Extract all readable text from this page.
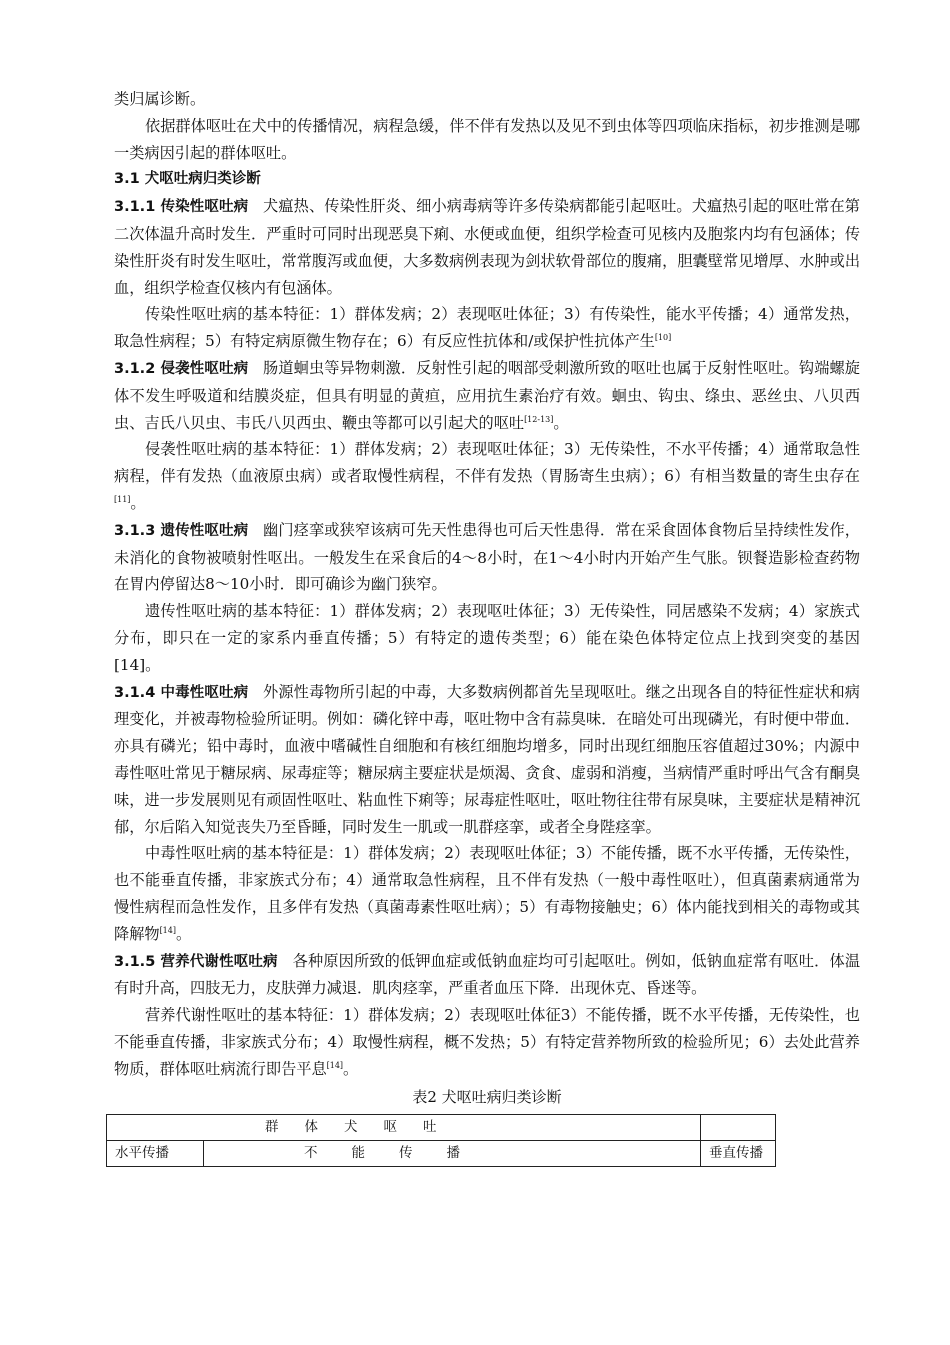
类归属诊断。

依据群体呕吐在犬中的传播情况，病程急缓，伴不伴有发热以及见不到虫体等四项临床指标，初步推测是哪一类病因引起的群体呕吐。

3.1 犬呕吐病归类诊断

3.1.1 传染性呕吐病 犬瘟热、传染性肝炎、细小病毒病等许多传染病都能引起呕吐。犬瘟热引起的呕吐常在第二次体温升高时发生．严重时可同时出现恶臭下痢、水便或血便，组织学检查可见核内及胞浆内均有包涵体；传染性肝炎有时发生呕吐，常常腹泻或血便，大多数病例表现为剑状软骨部位的腹痛，胆囊壁常见增厚、水肿或出血，组织学检查仅核内有包涵体。

传染性呕吐病的基本特征：1）群体发病；2）表现呕吐体征；3）有传染性，能水平传播；4）通常发热，取急性病程；5）有特定病原微生物存在；6）有反应性抗体和/或保护性抗体产生[10]

3.1.2 侵袭性呕吐病 肠道蛔虫等异物刺激．反射性引起的咽部受刺激所致的呕吐也属于反射性呕吐。钩端螺旋体不发生呼吸道和结膜炎症，但具有明显的黄疸，应用抗生素治疗有效。蛔虫、钩虫、绦虫、恶丝虫、八贝西虫、吉氏八贝虫、韦氏八贝西虫、鞭虫等都可以引起犬的呕吐[12-13]。

侵袭性呕吐病的基本特征：1）群体发病；2）表现呕吐体征；3）无传染性，不水平传播；4）通常取急性病程，伴有发热（血液原虫病）或者取慢性病程，不伴有发热（胃肠寄生虫病）；6）有相当数量的寄生虫存在[11]。

3.1.3 遗传性呕吐病 幽门痉挛或狭窄该病可先天性患得也可后天性患得．常在采食固体食物后呈持续性发作，未消化的食物被喷射性呕出。一般发生在采食后的4～8小时，在1～4小时内开始产生气胀。钡餐造影检查药物在胃内停留达8～10小时．即可确诊为幽门狭窄。

遗传性呕吐病的基本特征：1）群体发病；2）表现呕吐体征；3）无传染性，同居感染不发病；4）家族式分布，即只在一定的家系内垂直传播；5）有特定的遗传类型；6）能在染色体特定位点上找到突变的基因[14]。

3.1.4 中毒性呕吐病 外源性毒物所引起的中毒，大多数病例都首先呈现呕吐。继之出现各自的特征性症状和病理变化，并被毒物检验所证明。例如：磷化锌中毒，呕吐物中含有蒜臭味．在暗处可出现磷光，有时便中带血．亦具有磷光；铅中毒时，血液中嗜碱性自细胞和有核红细胞均增多，同时出现红细胞压容值超过30%；内源中毒性呕吐常见于糖尿病、尿毒症等；糖尿病主要症状是烦渴、贪食、虚弱和消瘦，当病情严重时呼出气含有酮臭味，进一步发展则见有顽固性呕吐、粘血性下痢等；尿毒症性呕吐，呕吐物往往带有尿臭味，主要症状是精神沉郁，尔后陷入知觉丧失乃至昏睡，同时发生一肌或一肌群痉挛，或者全身陛痉挛。

中毒性呕吐病的基本特征是：1）群体发病；2）表现呕吐体征；3）不能传播，既不水平传播，无传染性，也不能垂直传播，非家族式分布；4）通常取急性病程，且不伴有发热（一般中毒性呕吐），但真菌素病通常为慢性病程而急性发作，且多伴有发热（真菌毒素性呕吐病）；5）有毒物接触史；6）体内能找到相关的毒物或其降解物[14]。

3.1.5 营养代谢性呕吐病 各种原因所致的低钾血症或低钠血症均可引起呕吐。例如，低钠血症常有呕吐．体温有时升高，四肢无力，皮肤弹力减退．肌肉痉挛，严重者血压下降．出现休克、昏迷等。

营养代谢性呕吐的基本特征：1）群体发病；2）表现呕吐体征3）不能传播，既不水平传播，无传染性，也不能垂直传播，非家族式分布；4）取慢性病程，概不发热；5）有特定营养物所致的检验所见；6）去处此营养物质，群体呕吐病流行即告平息[14]。

表2 犬呕吐病归类诊断
群体犬呕吐		
水平传播	不能传播	垂直传播
